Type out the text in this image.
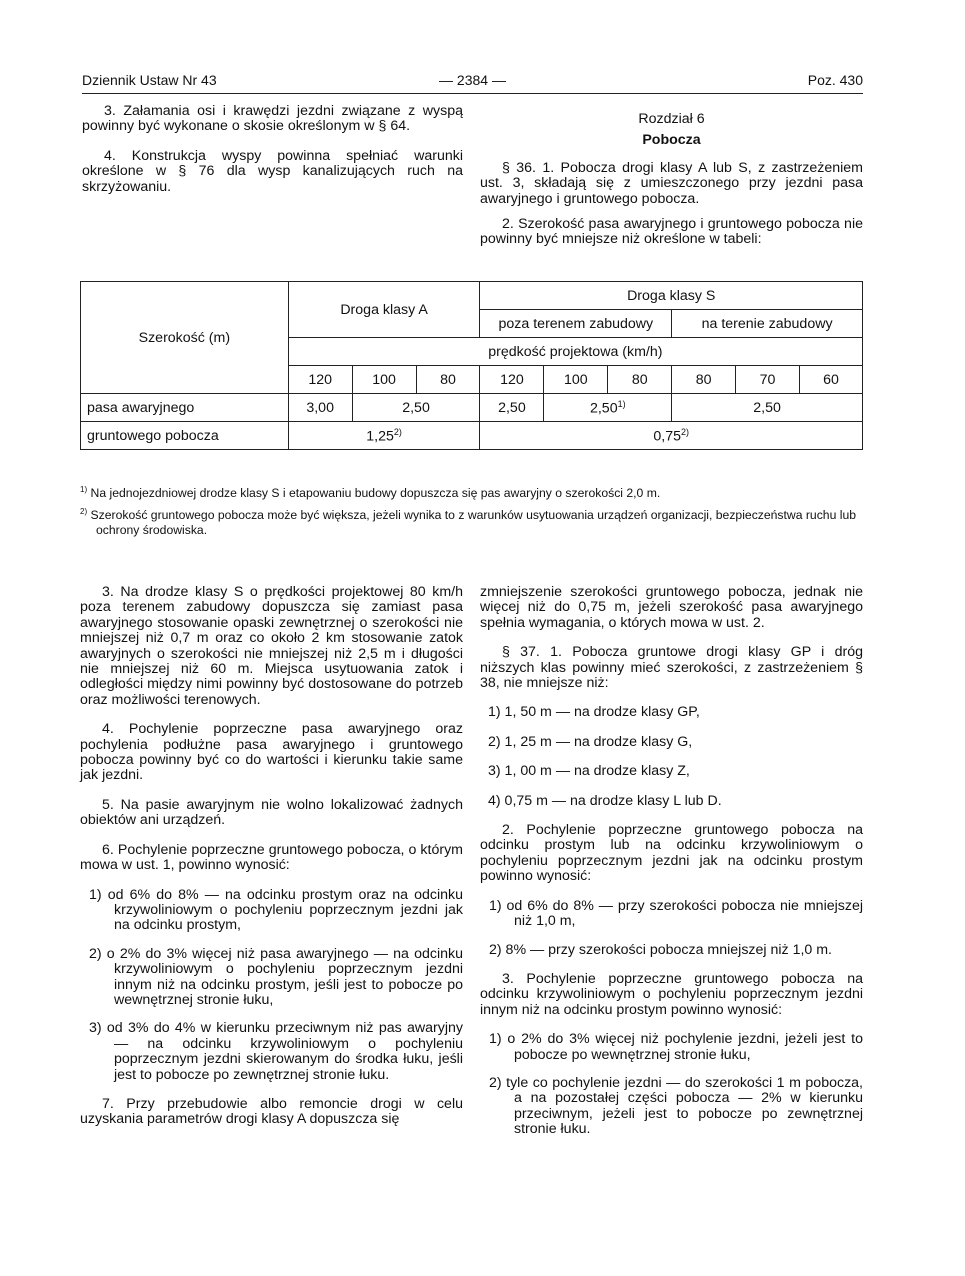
Dziennik Ustaw Nr 43	— 2384 —	Poz. 430

3. Załamania osi i krawędzi jezdni związane z wyspą powinny być wykonane o skosie określonym w § 64.

4. Konstrukcja wyspy powinna spełniać warunki określone w § 76 dla wysp kanalizujących ruch na skrzyżowaniu.

Rozdział 6

Pobocza

§ 36. 1. Pobocza drogi klasy A lub S, z zastrzeżeniem ust. 3, składają się z umieszczonego przy jezdni pasa awaryjnego i gruntowego pobocza.

2. Szerokość pasa awaryjnego i gruntowego pobocza nie powinny być mniejsze niż określone w tabeli:

Szerokość (m)	Droga klasy A			Droga klasy S					
				poza terenem zabudowy			na terenie zabudowy		
	prędkość projektowa (km/h)								
	120	100	80	120	100	80	80	70	60
pasa awaryjnego	3,00	2,50		2,50	2,50$^{1)}$		2,50		
gruntowego pobocza	1,25$^{2)}$			0,75$^{2)}$

$^{1)}$ Na jednojezdniowej drodze klasy S i etapowaniu budowy dopuszcza się pas awaryjny o szerokości 2,0 m.

$^{2)}$ Szerokość gruntowego pobocza może być większa, jeżeli wynika to z warunków usytuowania urządzeń organizacji, bezpieczeństwa ruchu lub ochrony środowiska.

3. Na drodze klasy S o prędkości projektowej 80 km/h poza terenem zabudowy dopuszcza się zamiast pasa awaryjnego stosowanie opaski zewnętrznej o szerokości nie mniejszej niż 0,7 m oraz co około 2 km stosowanie zatok awaryjnych o szerokości nie mniejszej niż 2,5 m i długości nie mniejszej niż 60 m. Miejsca usytuowania zatok i odległości między nimi powinny być dostosowane do potrzeb oraz możliwości terenowych.

4. Pochylenie poprzeczne pasa awaryjnego oraz pochylenia podłużne pasa awaryjnego i gruntowego pobocza powinny być co do wartości i kierunku takie same jak jezdni.

5. Na pasie awaryjnym nie wolno lokalizować żadnych obiektów ani urządzeń.

6. Pochylenie poprzeczne gruntowego pobocza, o którym mowa w ust. 1, powinno wynosić:

1) od 6% do 8% — na odcinku prostym oraz na odcinku krzywoliniowym o pochyleniu poprzecznym jezdni jak na odcinku prostym,
2) o 2% do 3% więcej niż pasa awaryjnego — na odcinku krzywoliniowym o pochyleniu poprzecznym jezdni innym niż na odcinku prostym, jeśli jest to pobocze po wewnętrznej stronie łuku,
3) od 3% do 4% w kierunku przeciwnym niż pas awaryjny — na odcinku krzywoliniowym o pochyleniu poprzecznym jezdni skierowanym do środka łuku, jeśli jest to pobocze po zewnętrznej stronie łuku.

7. Przy przebudowie albo remoncie drogi w celu uzyskania parametrów drogi klasy A dopuszcza się

zmniejszenie szerokości gruntowego pobocza, jednak nie więcej niż do 0,75 m, jeżeli szerokość pasa awaryjnego spełnia wymagania, o których mowa w ust. 2.

§ 37. 1. Pobocza gruntowe drogi klasy GP i dróg niższych klas powinny mieć szerokości, z zastrzeżeniem § 38, nie mniejsze niż:

1) 1, 50 m — na drodze klasy GP,
2) 1, 25 m — na drodze klasy G,
3) 1, 00 m — na drodze klasy Z,
4) 0,75 m — na drodze klasy L lub D.

2. Pochylenie poprzeczne gruntowego pobocza na odcinku prostym lub na odcinku krzywoliniowym o pochyleniu poprzecznym jezdni jak na odcinku prostym powinno wynosić:

1) od 6% do 8% — przy szerokości pobocza nie mniejszej niż 1,0 m,
2) 8% — przy szerokości pobocza mniejszej niż 1,0 m.

3. Pochylenie poprzeczne gruntowego pobocza na odcinku krzywoliniowym o pochyleniu poprzecznym jezdni innym niż na odcinku prostym powinno wynosić:

1) o 2% do 3% więcej niż pochylenie jezdni, jeżeli jest to pobocze po wewnętrznej stronie łuku,
2) tyle co pochylenie jezdni — do szerokości 1 m pobocza, a na pozostałej części pobocza — 2% w kierunku przeciwnym, jeżeli jest to pobocze po zewnętrznej stronie łuku.
